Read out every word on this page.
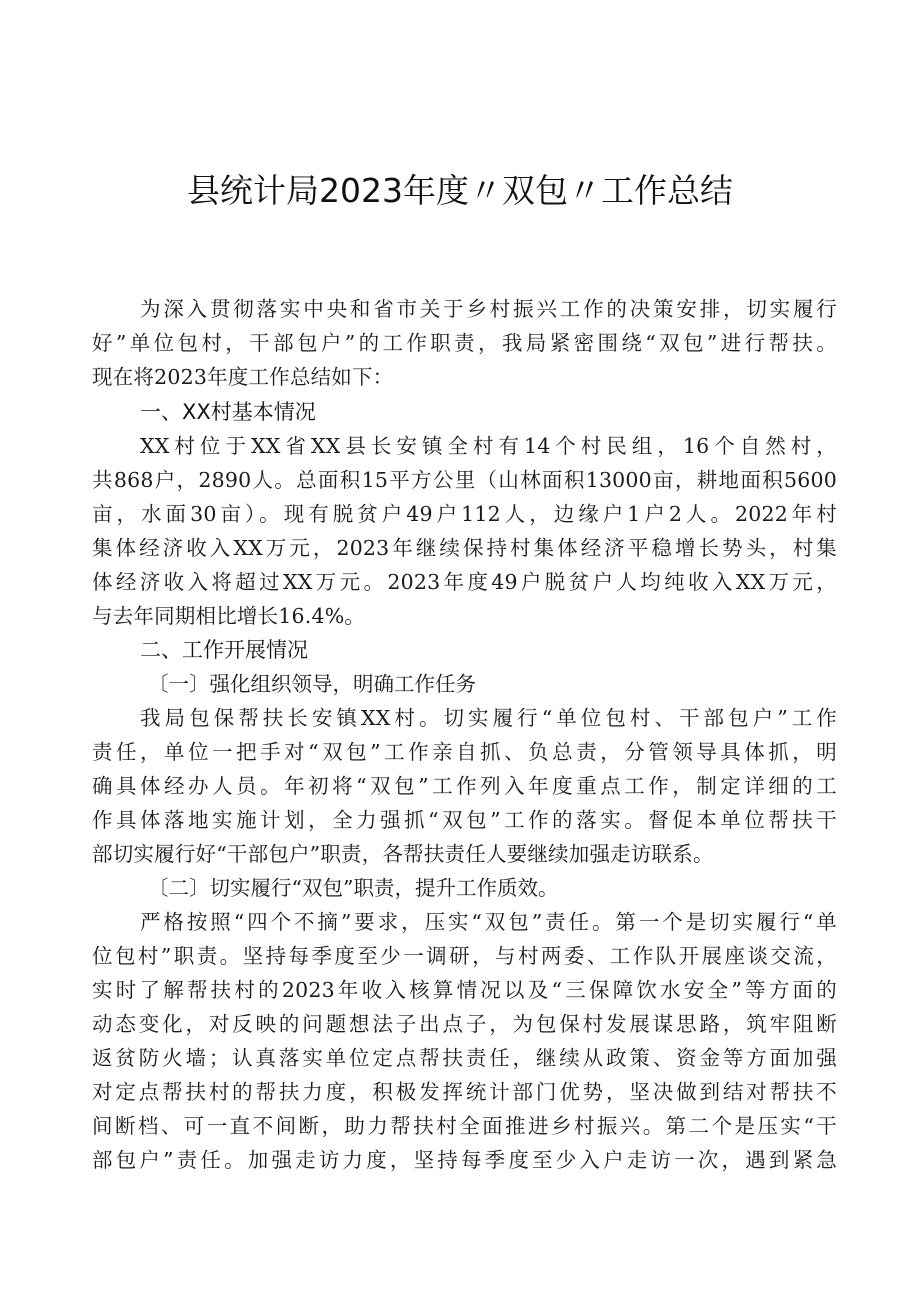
县统计局2023年度〃双包〃工作总结
为深入贯彻落实中央和省市关于乡村振兴工作的决策安排，切实履行
好”单位包村，干部包户”的工作职责，我局紧密围绕“双包”进行帮扶。
现在将2023年度工作总结如下：
一、XX村基本情况
XX村位于XX省XX县长安镇全村有14个村民组，16个自然村，
共868户，2890人。总面积15平方公里（山林面积13000亩，耕地面积5600
亩，水面30亩）。现有脱贫户49户112人，边缘户1户2人。2022年村
集体经济收入XX万元，2023年继续保持村集体经济平稳增长势头，村集
体经济收入将超过XX万元。2023年度49户脱贫户人均纯收入XX万元，
与去年同期相比增长16.4%。
二、工作开展情况
〔一〕强化组织领导，明确工作任务
我局包保帮扶长安镇XX村。切实履行“单位包村、干部包户”工作
责任，单位一把手对“双包”工作亲自抓、负总责，分管领导具体抓，明
确具体经办人员。年初将“双包”工作列入年度重点工作，制定详细的工
作具体落地实施计划，全力强抓“双包”工作的落实。督促本单位帮扶干
部切实履行好“干部包户”职责，各帮扶责任人要继续加强走访联系。
〔二〕切实履行“双包”职责，提升工作质效。
严格按照“四个不摘”要求，压实“双包”责任。第一个是切实履行“单
位包村”职责。坚持每季度至少一调研，与村两委、工作队开展座谈交流，
实时了解帮扶村的2023年收入核算情况以及“三保障饮水安全”等方面的
动态变化，对反映的问题想法子出点子，为包保村发展谋思路，筑牢阻断
返贫防火墙；认真落实单位定点帮扶责任，继续从政策、资金等方面加强
对定点帮扶村的帮扶力度，积极发挥统计部门优势，坚决做到结对帮扶不
间断档、可一直不间断，助力帮扶村全面推进乡村振兴。第二个是压实“干
部包户”责任。加强走访力度，坚持每季度至少入户走访一次，遇到紧急
